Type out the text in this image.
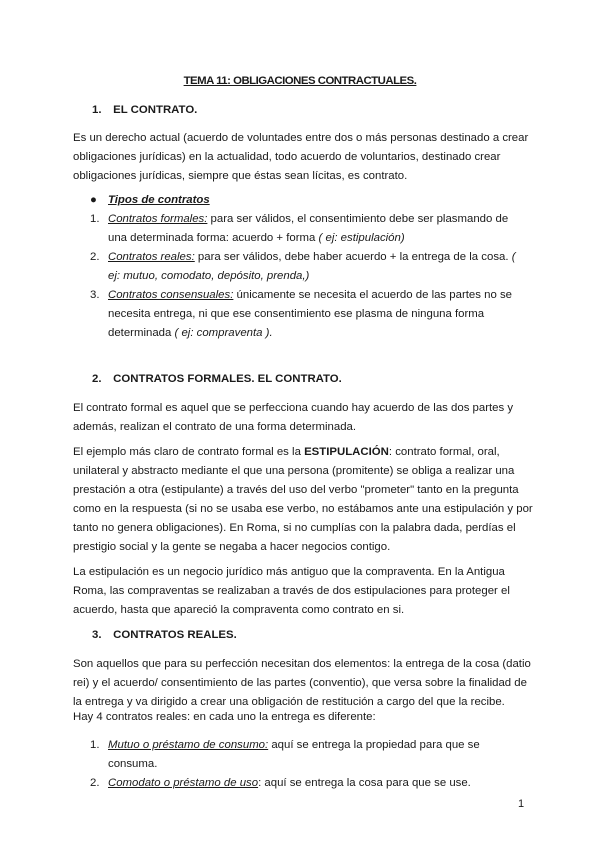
TEMA 11: OBLIGACIONES CONTRACTUALES.
1. EL CONTRATO.
Es un derecho actual (acuerdo de voluntades entre dos o más personas destinado a crear obligaciones jurídicas) en la actualidad, todo acuerdo de voluntarios, destinado crear obligaciones jurídicas, siempre que éstas sean lícitas, es contrato.
● Tipos de contratos
1. Contratos formales: para ser válidos, el consentimiento debe ser plasmando de una determinada forma: acuerdo + forma ( ej: estipulación)
2. Contratos reales: para ser válidos, debe haber acuerdo + la entrega de la cosa. ( ej: mutuo, comodato, depósito, prenda,)
3. Contratos consensuales: únicamente se necesita el acuerdo de las partes no se necesita entrega, ni que ese consentimiento ese plasma de ninguna forma determinada ( ej: compraventa ).
2. CONTRATOS FORMALES. EL CONTRATO.
El contrato formal es aquel que se perfecciona cuando hay acuerdo de las dos partes y además, realizan el contrato de una forma determinada.
El ejemplo más claro de contrato formal es la ESTIPULACIÓN: contrato formal, oral, unilateral y abstracto mediante el que una persona (promitente) se obliga a realizar una prestación a otra (estipulante) a través del uso del verbo "prometer" tanto en la pregunta como en la respuesta (si no se usaba ese verbo, no estábamos ante una estipulación y por tanto no genera obligaciones). En Roma, si no cumplías con la palabra dada, perdías el prestigio social y la gente se negaba a hacer negocios contigo.
La estipulación es un negocio jurídico más antiguo que la compraventa. En la Antigua Roma, las compraventas se realizaban a través de dos estipulaciones para proteger el acuerdo, hasta que apareció la compraventa como contrato en si.
3. CONTRATOS REALES.
Son aquellos que para su perfección necesitan dos elementos: la entrega de la cosa (datio rei) y el acuerdo/ consentimiento de las partes (conventio), que versa sobre la finalidad de la entrega y va dirigido a crear una obligación de restitución a cargo del que la recibe.
Hay 4 contratos reales: en cada uno la entrega es diferente:
1. Mutuo o préstamo de consumo: aquí se entrega la propiedad para que se consuma.
2. Comodato o préstamo de uso: aquí se entrega la cosa para que se use.
1
